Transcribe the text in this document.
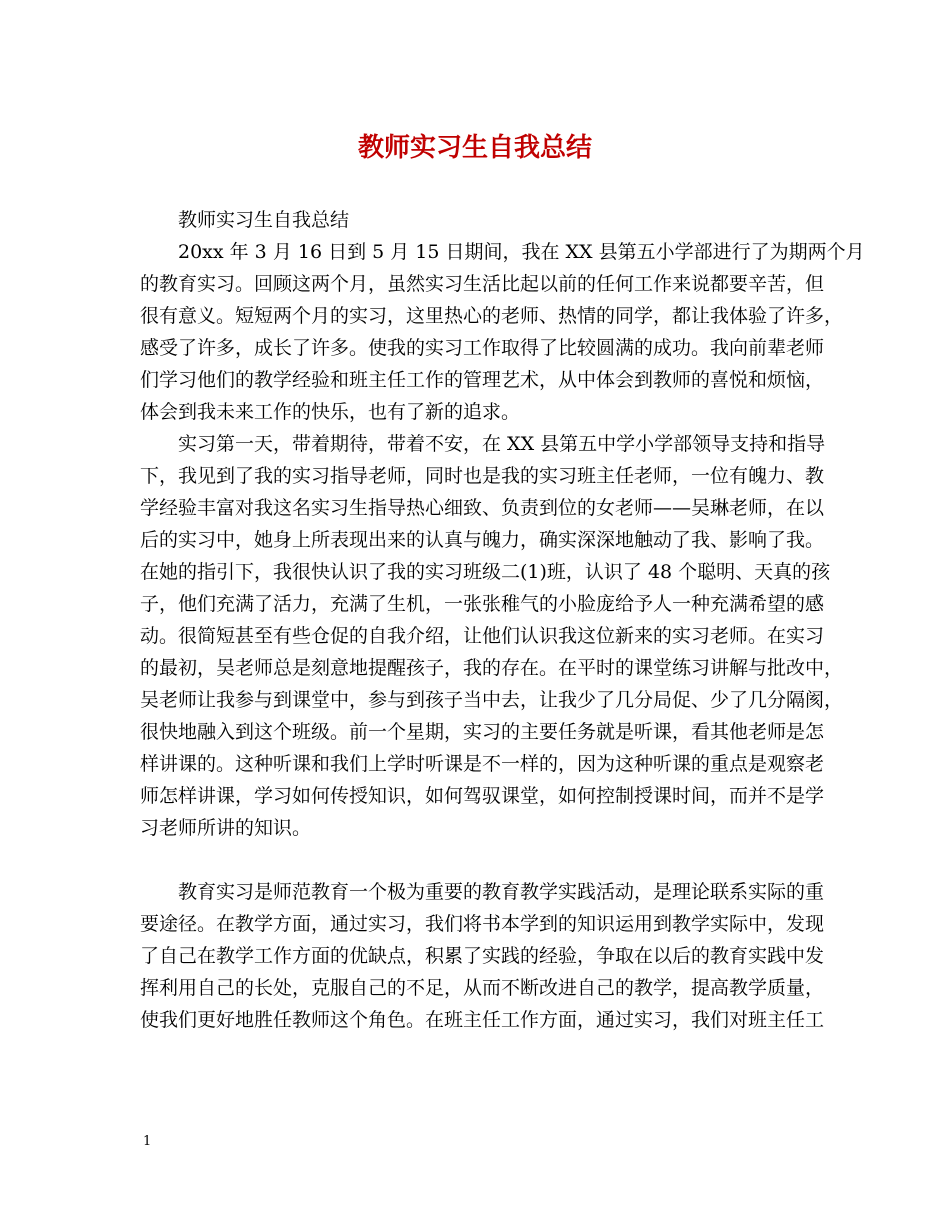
教师实习生自我总结
教师实习生自我总结
20xx 年 3 月 16 日到 5 月 15 日期间，我在 XX 县第五小学部进行了为期两个月
的教育实习。回顾这两个月，虽然实习生活比起以前的任何工作来说都要辛苦，但
很有意义。短短两个月的实习，这里热心的老师、热情的同学，都让我体验了许多，
感受了许多，成长了许多。使我的实习工作取得了比较圆满的成功。我向前辈老师
们学习他们的教学经验和班主任工作的管理艺术，从中体会到教师的喜悦和烦恼，
体会到我未来工作的快乐，也有了新的追求。
实习第一天，带着期待，带着不安，在 XX 县第五中学小学部领导支持和指导
下，我见到了我的实习指导老师，同时也是我的实习班主任老师，一位有魄力、教
学经验丰富对我这名实习生指导热心细致、负责到位的女老师——吴琳老师，在以
后的实习中，她身上所表现出来的认真与魄力，确实深深地触动了我、影响了我。
在她的指引下，我很快认识了我的实习班级二(1)班，认识了 48 个聪明、天真的孩
子，他们充满了活力，充满了生机，一张张稚气的小脸庞给予人一种充满希望的感
动。很简短甚至有些仓促的自我介绍，让他们认识我这位新来的实习老师。在实习
的最初，吴老师总是刻意地提醒孩子，我的存在。在平时的课堂练习讲解与批改中，
吴老师让我参与到课堂中，参与到孩子当中去，让我少了几分局促、少了几分隔阂，
很快地融入到这个班级。前一个星期，实习的主要任务就是听课，看其他老师是怎
样讲课的。这种听课和我们上学时听课是不一样的，因为这种听课的重点是观察老
师怎样讲课，学习如何传授知识，如何驾驭课堂，如何控制授课时间，而并不是学
习老师所讲的知识。
教育实习是师范教育一个极为重要的教育教学实践活动，是理论联系实际的重
要途径。在教学方面，通过实习，我们将书本学到的知识运用到教学实际中，发现
了自己在教学工作方面的优缺点，积累了实践的经验，争取在以后的教育实践中发
挥利用自己的长处，克服自己的不足，从而不断改进自己的教学，提高教学质量，
使我们更好地胜任教师这个角色。在班主任工作方面，通过实习，我们对班主任工
1
